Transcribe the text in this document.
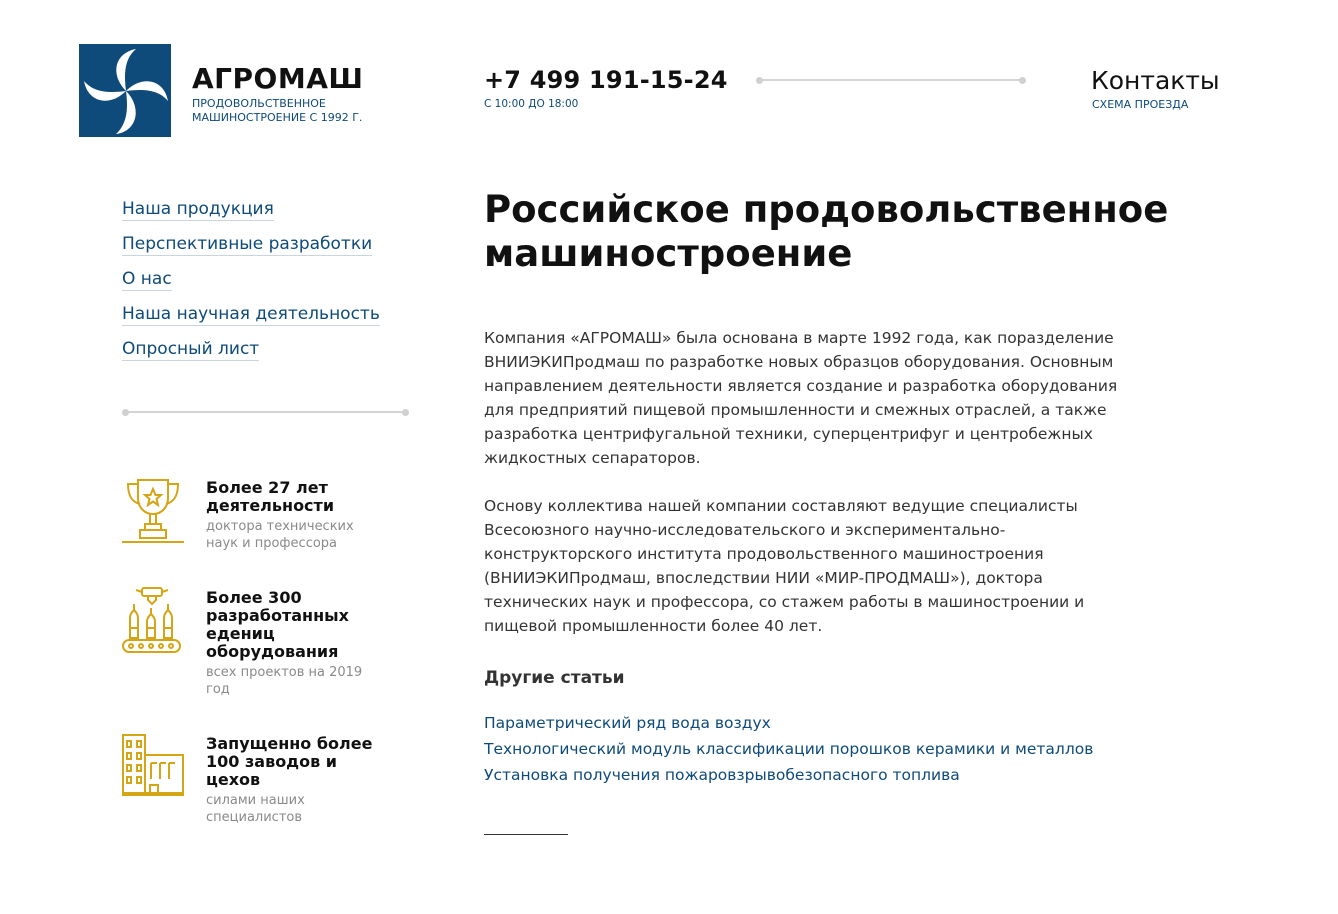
АГРОМАШ
ПРОДОВОЛЬСТВЕННОЕ МАШИНОСТРОЕНИЕ С 1992 Г.
+7 499 191-15-24
С 10:00 ДО 18:00
Контакты
СХЕМА ПРОЕЗДА
Наша продукция
Перспективные разработки
О нас
Наша научная деятельность
Опросный лист
Более 27 лет деятельности
доктора технических наук и профессора
Более 300 разработанных едениц оборудования
всех проектов на 2019 год
Запущенно более 100 заводов и цехов
силами наших специалистов
Российское продовольственное машиностроение

Компания «АГРОМАШ» была основана в марте 1992 года, как поразделение ВНИИЭКИПродмаш по разработке новых образцов оборудования. Основным направлением деятельности является создание и разработка оборудования для предприятий пищевой промышленности и смежных отраслей, а также разработка центрифугальной техники, суперцентрифуг и центробежных жидкостных сепараторов.

Основу коллектива нашей компании составляют ведущие специалисты Всесоюзного научно-исследовательского и экспериментально- конструкторского института продовольственного машиностроения (ВНИИЭКИПродмаш, впоследствии НИИ «МИР-ПРОДМАШ»), доктора технических наук и профессора, со стажем работы в машиностроении и пищевой промышленности более 40 лет.

Другие статьи
Параметрический ряд вода воздух
Технологический модуль классификации порошков керамики и металлов
Установка получения пожаровзрывобезопасного топлива
